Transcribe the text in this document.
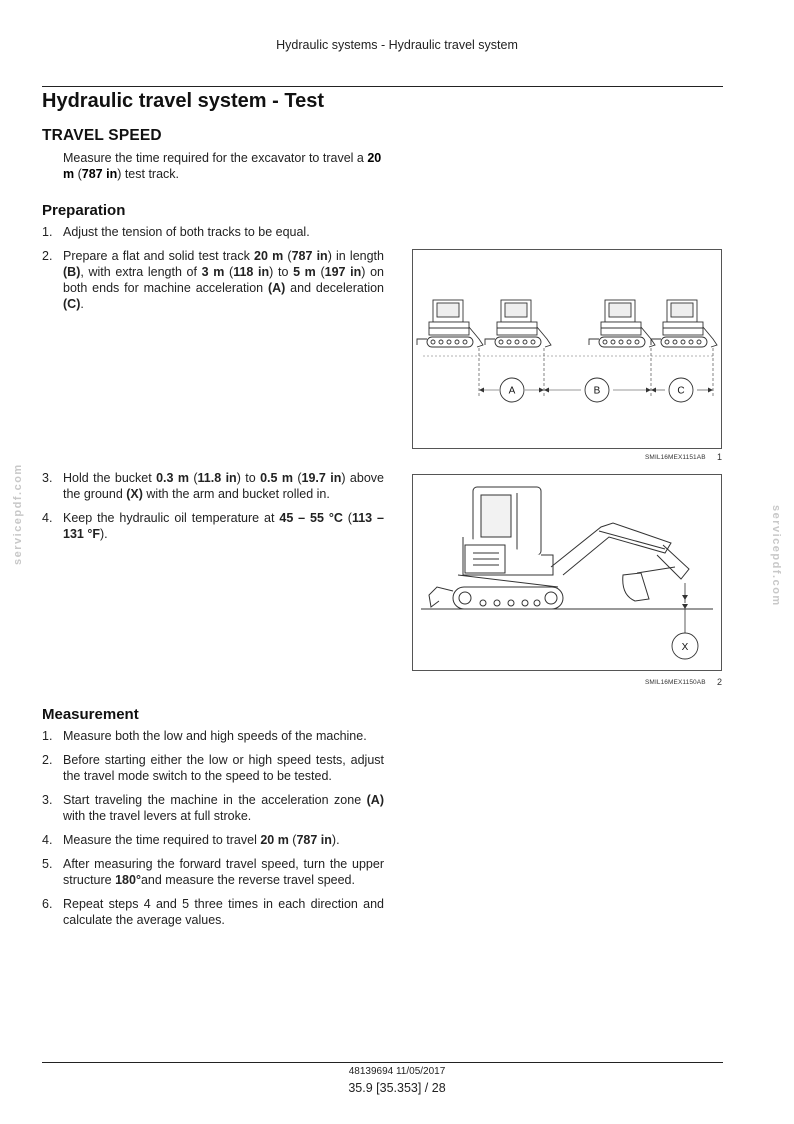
Hydraulic systems - Hydraulic travel system
Hydraulic travel system - Test
TRAVEL SPEED
Measure the time required for the excavator to travel a 20 m (787 in) test track.
Preparation
1. Adjust the tension of both tracks to be equal.
2. Prepare a flat and solid test track 20 m (787 in) in length (B), with extra length of 3 m (118 in) to 5 m (197 in) on both ends for machine acceleration (A) and deceleration (C).
3. Hold the bucket 0.3 m (11.8 in) to 0.5 m (19.7 in) above the ground (X) with the arm and bucket rolled in.
4. Keep the hydraulic oil temperature at 45 – 55 °C (113 – 131 °F).
A	B	C
SMIL16MEX1151AB 1
X
SMIL16MEX1150AB 2
Measurement
1. Measure both the low and high speeds of the machine.
2. Before starting either the low or high speed tests, adjust the travel mode switch to the speed to be tested.
3. Start traveling the machine in the acceleration zone (A) with the travel levers at full stroke.
4. Measure the time required to travel 20 m (787 in).
5. After measuring the forward travel speed, turn the upper structure 180°and measure the reverse travel speed.
6. Repeat steps 4 and 5 three times in each direction and calculate the average values.
servicepdf.com	servicepdf.com
48139694 11/05/2017
35.9 [35.353] / 28
